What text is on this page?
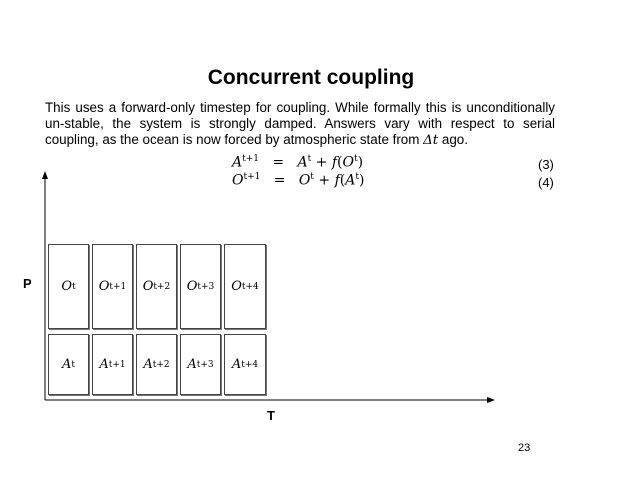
Concurrent coupling
This uses a forward-only timestep for coupling. While formally this is unconditionally un-stable, the system is strongly damped. Answers vary with respect to serial coupling, as the ocean is now forced by atmospheric state from Δt ago.
$A^{t+1} = A^t + f(O^t)$	(3)
$O^{t+1} = O^t + f(A^t)$	(4)
P
T
O t O t+1 O t+2 O t+3 O t+4
A t A t+1 A t+2 A t+3 A t+4
23
